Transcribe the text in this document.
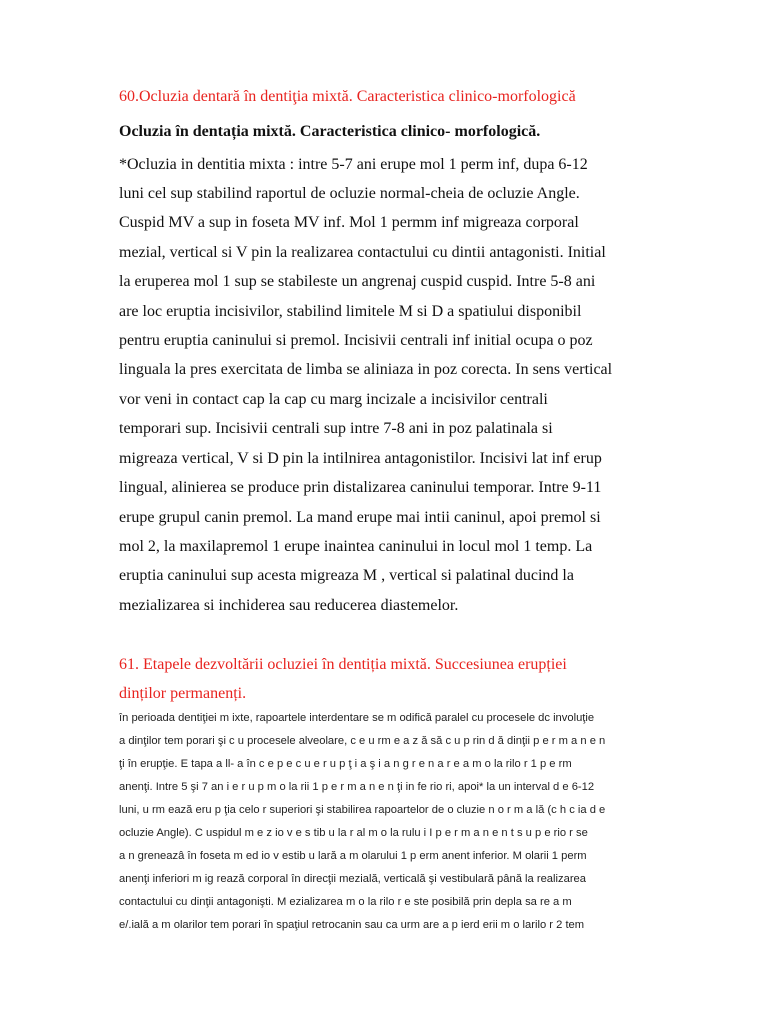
60.Ocluzia dentară în dentiţia mixtă. Caracteristica clinico-morfologică

Ocluzia în dentația mixtă. Caracteristica clinico- morfologică.

*Ocluzia in dentitia mixta : intre 5-7 ani erupe mol 1 perm inf, dupa 6-12

luni cel sup stabilind raportul de ocluzie normal-cheia de ocluzie Angle.

Cuspid MV a sup in foseta MV inf. Mol 1 permm inf migreaza corporal

mezial, vertical si V pin la realizarea contactului cu dintii antagonisti. Initial

la eruperea mol 1 sup se stabileste un angrenaj cuspid cuspid. Intre 5-8 ani

are loc eruptia incisivilor, stabilind limitele M si D a spatiului disponibil

pentru eruptia caninului si premol. Incisivii centrali inf initial ocupa o poz

linguala la pres exercitata de limba se aliniaza in poz corecta. In sens vertical

vor veni in contact cap la cap cu marg incizale a incisivilor centrali

temporari sup. Incisivii centrali sup intre 7-8 ani in poz palatinala si

migreaza vertical, V si D pin la intilnirea antagonistilor. Incisivi lat inf erup

lingual, alinierea se produce prin distalizarea caninului temporar. Intre 9-11

erupe grupul canin premol. La mand erupe mai intii caninul, apoi premol si

mol 2, la maxilapremol 1 erupe inaintea caninului in locul mol 1 temp. La

eruptia caninului sup acesta migreaza M , vertical si palatinal ducind la

mezializarea si inchiderea sau reducerea diastemelor.

61. Etapele dezvoltării ocluziei în dentiția mixtă. Succesiunea erupției

dinților permanenți.

în perioada dentiţiei m ixte, rapoartele interdentare se m odifică paralel cu procesele dc involuţie

a dinţilor tem porari şi c u procesele alveolare, c e u rm e a z ă să c u p rin d ă dinţii p e r m a n e n

ţi în erupţie. E tapa a ll- a în c e p e c u e r u p ţ i a ş i a n g r e n a r e a m o la rilo r 1 p e rm

anenţi. Intre 5 şi 7 an i e r u p m o la rii 1 p e r m a n e n ţi in fe rio ri, apoi* la un interval d e 6-12

luni, u rm ează eru p ţia celo r superiori şi stabilirea rapoartelor de o cluzie n o r m a lă (c h c ia d e

ocluzie Angle). C uspidul m e z io v e s tib u la r al m o la rulu i I p e r m a n e n t s u p e rio r se

a n greneazâ în foseta m ed io v estib u lară a m olarului 1 p erm anent inferior. M olarii 1 perm

anenţi inferiori m ig rează corporal în direcţii mezială, verticală şi vestibulară până la realizarea

contactului cu dinţii antagonişti. M ezializarea m o la rilo r e ste posibilă prin depla sa re a m

e/.ială a m olarilor tem porari în spaţiul retrocanin sau ca urm are a p ierd erii m o larilo r 2 tem
